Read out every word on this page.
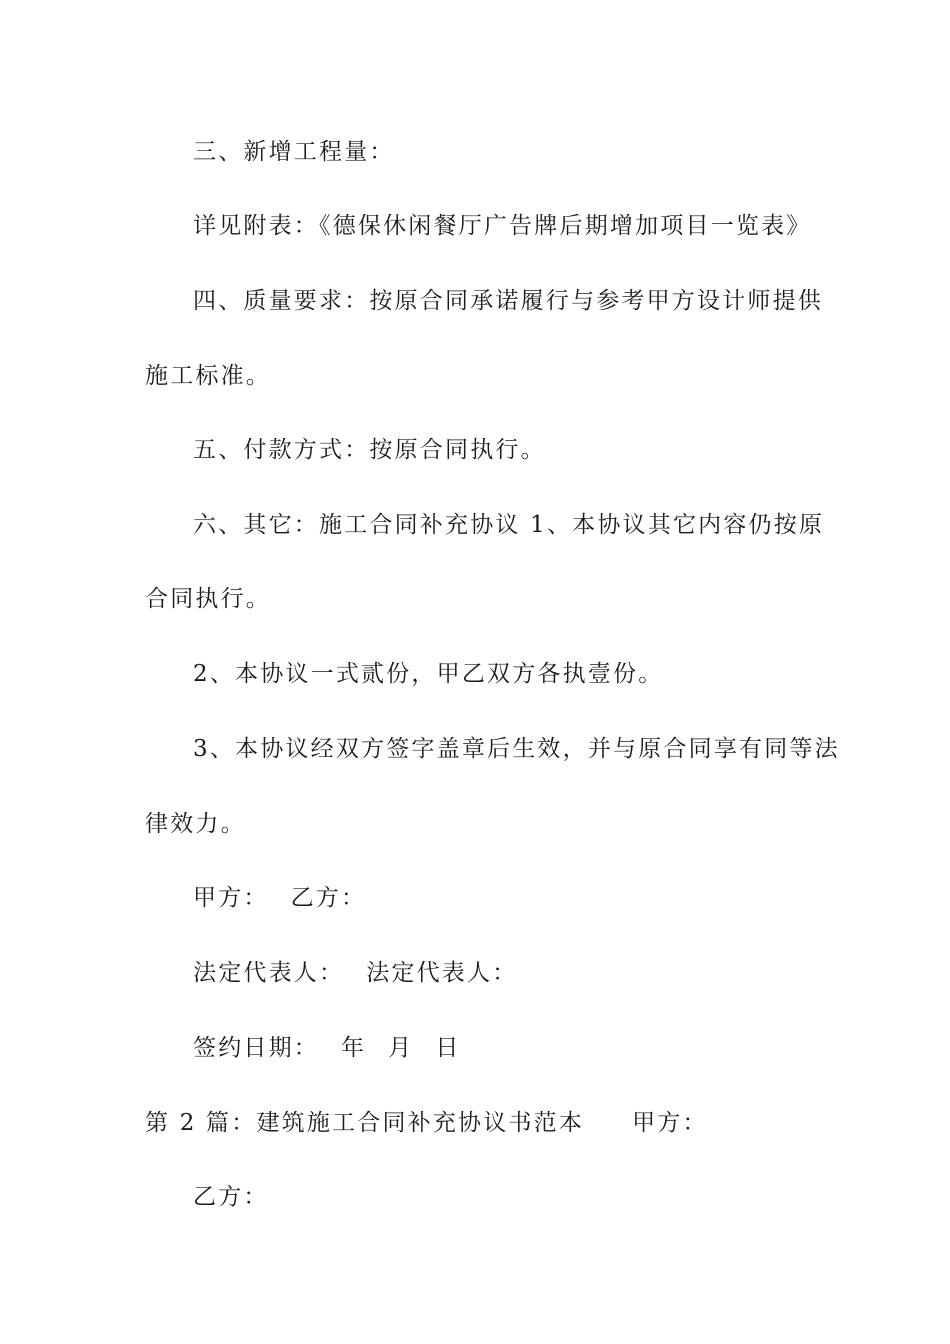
三、新增工程量：
详见附表：《德保休闲餐厅广告牌后期增加项目一览表》
四、质量要求：按原合同承诺履行与参考甲方设计师提供
施工标准。
五、付款方式：按原合同执行。
六、其它：施工合同补充协议 1、本协议其它内容仍按原
合同执行。
2、本协议一式贰份，甲乙双方各执壹份。
3、本协议经双方签字盖章后生效，并与原合同享有同等法
律效力。
甲方： 乙方：
法定代表人： 法定代表人：
签约日期： 年 月 日
第 2 篇：建筑施工合同补充协议书范本 甲方：
乙方：
